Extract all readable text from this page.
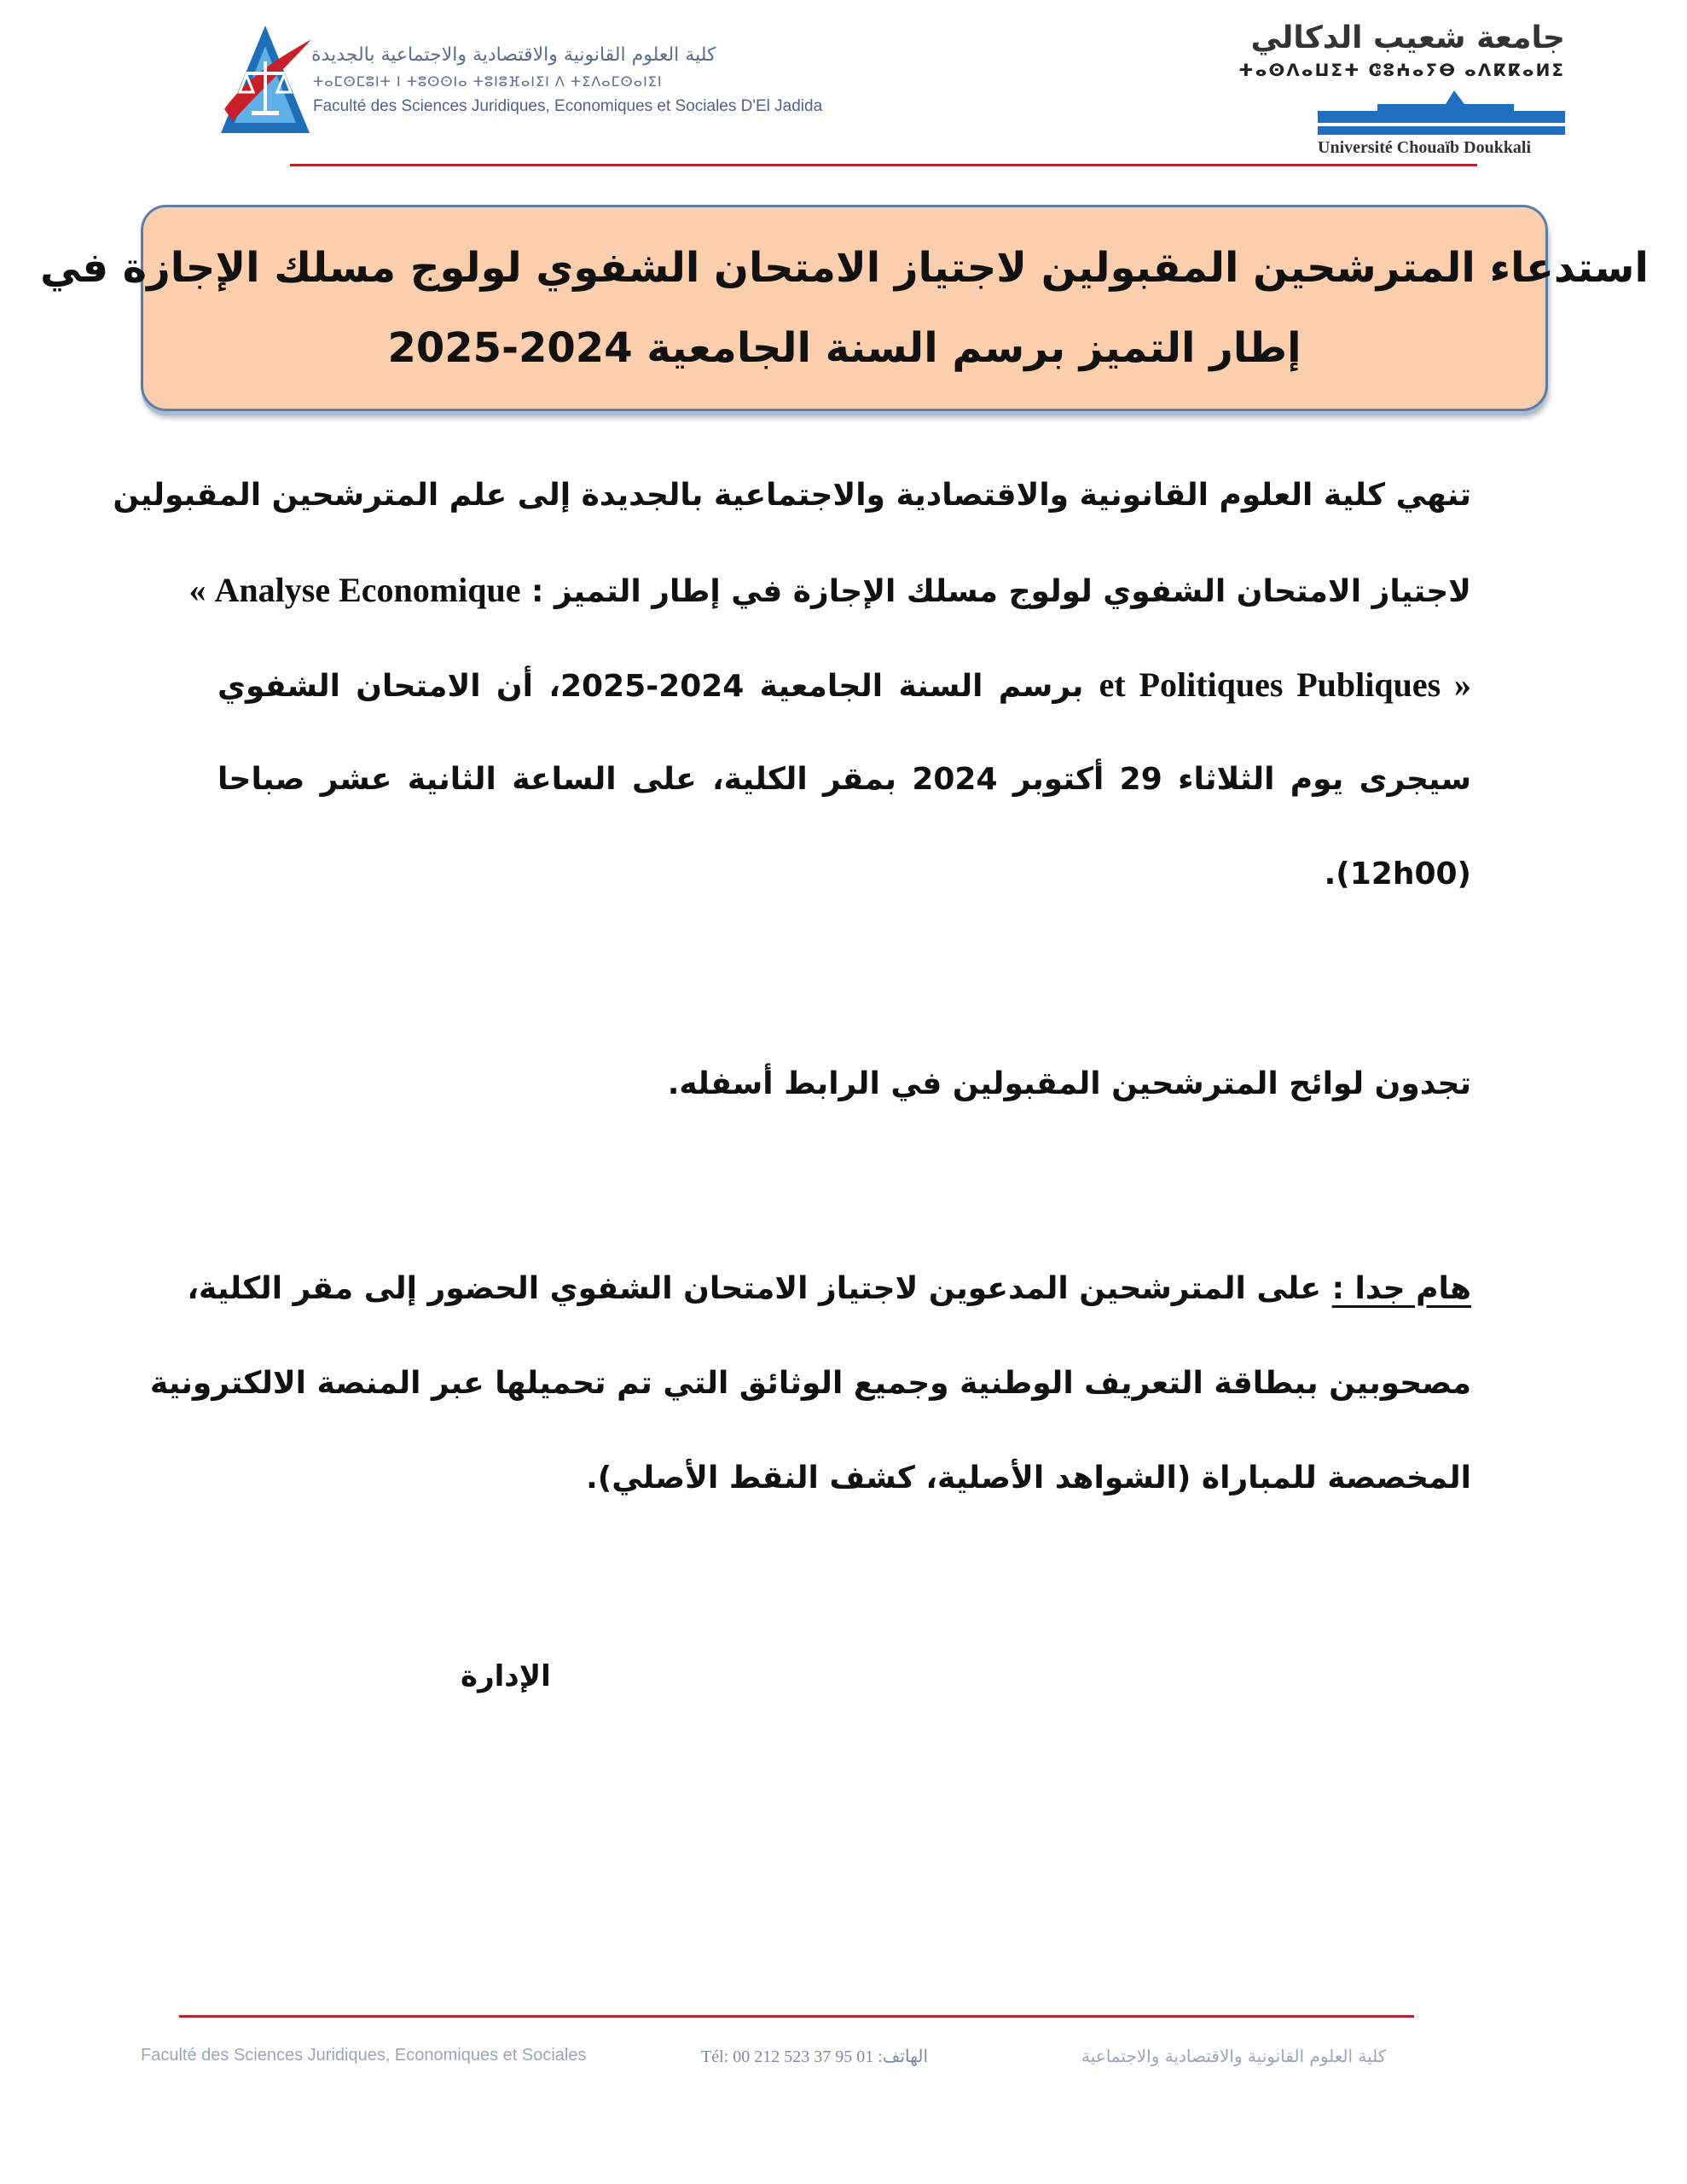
كلية العلوم القانونية والاقتصادية والاجتماعية بالجديدة
ⵜⴰⵎⵙⵎⵓⵏⵜ ⵏ ⵜⵓⵙⵙⵏⴰ ⵜⵓⵏⵓⴼⴰⵏⵉⵏ ⴷ ⵜⵉⴷⴰⵎⵙⴰⵏⵉⵏ
Faculté des Sciences Juridiques, Economiques et Sociales D'El Jadida
جامعة شعيب الدكالي
ⵜⴰⵙⴷⴰⵡⵉⵜ ⵛⵓⵄⴰⵢⴱ ⴰⴷⴽⴽⴰⵍⵉ
Université Chouaïb Doukkali
استدعاء المترشحين المقبولين لاجتياز الامتحان الشفوي لولوج مسلك الإجازة في
إطار التميز برسم السنة الجامعية 2024-2025
تنهي كلية العلوم القانونية والاقتصادية والاجتماعية بالجديدة إلى علم المترشحين المقبولين
لاجتياز الامتحان الشفوي لولوج مسلك الإجازة في إطار التميز : Analyse Economique »
« et Politiques Publiques برسم السنة الجامعية 2024-2025، أن الامتحان الشفوي
سيجرى يوم الثلاثاء 29 أكتوبر 2024 بمقر الكلية، على الساعة الثانية عشر صباحا
(12h00).
تجدون لوائح المترشحين المقبولين في الرابط أسفله.
هام جدا : على المترشحين المدعوين لاجتياز الامتحان الشفوي الحضور إلى مقر الكلية،
مصحوبين ببطاقة التعريف الوطنية وجميع الوثائق التي تم تحميلها عبر المنصة الالكترونية
المخصصة للمباراة (الشواهد الأصلية، كشف النقط الأصلي).
الإدارة
Faculté des Sciences Juridiques, Economiques et Sociales	Tél: 00 212 523 37 95 01 :الهاتف	كلية العلوم القانونية والاقتصادية والاجتماعية
